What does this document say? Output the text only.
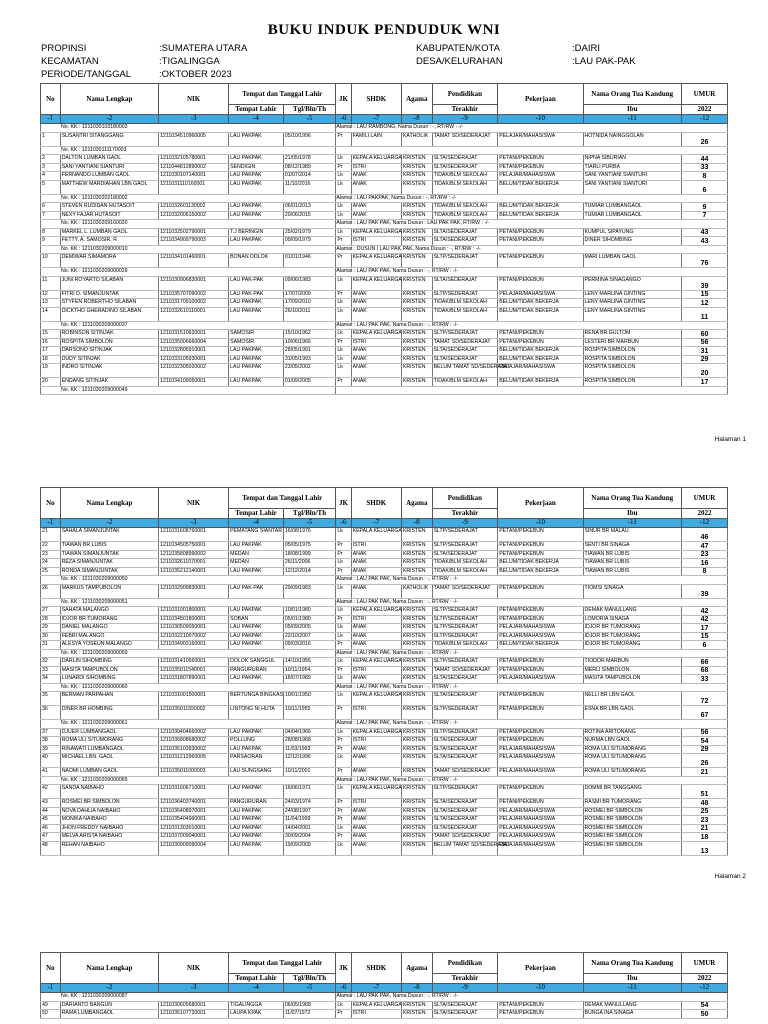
BUKU INDUK PENDUDUK WNI
PROPINSI	:SUMATERA UTARA
KECAMATAN	:TIGALINGGA
PERIODE/TANGGAL	:OKTOBER 2023
KABUPATEN/KOTA	:DAIRI
DESA/KELURAHAN	:LAU PAK-PAK
No	Nama Lengkap	NIK	Tempat dan Tanggal Lahir		JK	SHDK	Agama	Pendidikan	Pekerjaan	Nama Orang Tua Kandung	UMUR
			Tempat Lahir	Tgl/Bln/Th				Terakhir		Ibu	2022
-1	-2	-3	-4	-5	-6	-7	-8	-9	-10	-11	-12
No. KK : 1211030103180003					Alamat : LAU RAMBONG, Nama Dusun : -, RT/RW : -/-						
1	SUSANTRI SITANGGANG	1211034510960005	LAU PAKPAK	05/10/1996	Pr	FAMILI LAIN	KATHOLIK	TAMAT SD/SEDERAJAT	PELAJAR/MAHASISWA	HOTNIDA NAINGGOLAN	26
No. KK : 1211030111170003											
2	DALTON LUMBAN GAOL	1211032105780001	LAU PAKPAK	21/05/1978	Lk	KEPALA KELUARGA	KRISTEN	SLTA/SEDERAJAT	PETANI/PEKEBUN	NIPNA SIBURIAN	44
3	SANI YANTIANI SIANTURI	1211044812890002	SENDIGIN	08/12/1989	Pr	ISTRI	KRISTEN	SLTA/SEDERAJAT	PETANI/PEKEBUN	TIARLI PURBA	33
4	FERNANDO LUMBAN GAOL	1211030107140001	LAU PAKPAK	01/07/2014	Lk	ANAK	KRISTEN	TIDAK/BLM SEKOLAH	PELAJAR/MAHASISWA	SANI YANTIANI SIANTURI	8
5	MATTHEW MARDIAHAN LBN GAOL	1211031110160001	LAU PAKPAK	11/10/2016	Lk	ANAK	KRISTEN	TIDAK/BLM SEKOLAH	BELUM/TIDAK BEKERJA	SANI YANTIANI SIANTURI	6
No. KK : 1211030202180002					Alamat : LAU PAKPAK, Nama Dusun : -, RT/RW : -/-						
6	STEVEN RUDIDAN HUTASOIT	1211032601130002	LAU PAKPAK	06/01/2013	Lk	ANAK	KRISTEN	TIDAK/BLM SEKOLAH	BELUM/TIDAK BEKERJA	TUMIAR LUMBANGAOL	9
7	NEXY FAJAR HUTASOIT	1211032006150002	LAU PAKPAK	20/06/2015	Lk	ANAK	KRISTEN	TIDAK/BLM SEKOLAH	BELUM/TIDAK BEKERJA	TUMIAR LUMBANGAOL	7
No. KK : 1211030209160020					Alamat : LAU PAK PAK, Nama Dusun : LAU PAK PAK, RT/RW : -/-						
8	MARKEL L. LUMBAN GAOL	1211032502790001	T.J BERINGIN	25/02/1979	Lk	KEPALA KELUARGA	KRISTEN	SLTA/SEDERAJAT	PETANI/PEKEBUN	KUMPUL SIPAYUNG	43
9	FETTY. A. SAMOSIR. R	1211034909790003	LAU PAKPAK	09/09/1979	Pr	ISTRI	KRISTEN	SLTA/SEDERAJAT	PETANI/PEKEBUN	DINER SIHOMBING	43
No. KK : 1211030209000010					Alamat : DUSUN I LAU PAK PAK, Nama Dusun : -, RT/RW : -/-						
10	DEMIWAR SIMAMORA	1211034101460001	BONAN DOLOK	01/01/1946	Pr	KEPALA KELUARGA	KRISTEN	SLTP/SEDERAJAT	PETANI/PEKEBUN	MARI LUMBAN GAOL	76
No. KK : 1211030209000029					Alamat : LAU PAK PAK, Nama Dusun : -, RT/RW : -/-						
11	JUNI ROYARTO SILABAN	1211030906830001	LAU PAK-PAK	09/06/1983	Lk	KEPALA KELUARGA	KRISTEN	SLTA/SEDERAJAT	PETANI/PEKEBUN	PERMINA SINAGANGO	39
12	FITRI D. SIMANJUNTAK	1211035707090002	LAU PAK-PAK	17/07/2009	Pr	ANAK	KRISTEN	SLTP/SEDERAJAT	PELAJAR/MAHASISWA	LENY MARLINA GINTING	15
13	STYFEN ROBERTHO SILABAN	1211031709100002	LAU PAKPAK	17/09/2010	Lk	ANAK	KRISTEN	TIDAK/BLM SEKOLAH	BELUM/TIDAK BEKERJA	LENY MARLINA GINTING	12
14	DICKTHO GHERADINO SILABAN	1211032610110001	LAU PAKPAK	26/10/2011	Lk	ANAK	KRISTEN	TIDAK/BLM SEKOLAH	BELUM/TIDAK BEKERJA	LENY MARLINA GINTING	11
No. KK : 1211030209000037					Alamat : LAU PAK PAK, Nama Dusun : -, RT/RW : -/-						
15	ROBINSON SITINJAK	1211031510620001	SAMOSIR	15/10/1962	Lk	KEPALA KELUARGA	KRISTEN	SLTP/SEDERAJAT	PETANI/PEKEBUN	RENA BR GULTOM	60
16	ROSPITA SIMBOLON	1211035006660004	SAMOSIR	10/06/1966	Pr	ISTRI	KRISTEN	TAMAT SD/SEDERAJAT	PETANI/PEKEBUN	LESTERI BR MARBUN	56
17	DARSONO SITINJAK	1211032805910001	LAU PAKPAK	28/05/1991	Lk	ANAK	KRISTEN	SLTA/SEDERAJAT	BELUM/TIDAK BEKERJA	ROSPITA SIMBOLON	31
18	DUDY SITINJAK	1211033105930001	LAU PAKPAK	31/05/1993	Lk	ANAK	KRISTEN	SLTA/SEDERAJAT	BELUM/TIDAK BEKERJA	ROSPITA SIMBOLON	29
19	INDRO SITINJAK	1211032305020002	LAU PAKPAK	23/05/2002	Lk	ANAK	KRISTEN	BELUM TAMAT SD/SEDERAJAT	PELAJAR/MAHASISWA	ROSPITA SIMBOLON	20
20	ENDANG SITINJAK	1211034109050001	LAU PAKPAK	01/09/2005	Pr	ANAK	KRISTEN	TIDAK/BLM SEKOLAH	BELUM/TIDAK BEKERJA	ROSPITA SIMBOLON	17
No. KK : 1211030209000049											
Halaman 1
No	Nama Lengkap	NIK	Tempat dan Tanggal Lahir		JK	SHDK	Agama	Pendidikan	Pekerjaan	Nama Orang Tua Kandung	UMUR
			Tempat Lahir	Tgl/Bln/Th				Terakhir		Ibu	2022
-1	-2	-3	-4	-5	-6	-7	-8	-9	-10	-11	-12
21	SAHALA SIMANJUNTAK	1211031608760001	PEMATANG SIANTAR	16/08/1976	Lk	KEPALA KELUARGA	KRISTEN	SLTP/SEDERAJAT	PETANI/PEKEBUN	SINUR BR MALAU	46
22	TIAWAN BR LUBIS	1211034505750001	LAU PAKPAK	05/05/1975	Pr	ISTRI	KRISTEN	SLTP/SEDERAJAT	PETANI/PEKEBUN	SENTI BR SINAGA	47
23	TIAWAN SIMANJUNTAK	1211035808990002	MEDAN	18/08/1999	Pr	ANAK	KRISTEN	SLTA/SEDERAJAT	PETANI/PEKEBUN	TIAWAN BR LUBIS	23
24	REZA SIMANJUNTAK	1211032611070001	MEDAN	26/11/2006	Lk	ANAK	KRISTEN	TIDAK/BLM SEKOLAH	BELUM/TIDAK BEKERJA	TIAWAN BR LUBIS	16
25	RONDA SIMANJUNTAK	1211035212140001	LAU PAKPAK	12/12/2014	Pr	ANAK	KRISTEN	TIDAK/BLM SEKOLAH	BELUM/TIDAK BEKERJA	TIAWAN BR LUBIS	8
No. KK : 1211030209000050					Alamat : LAU PAK PAK, Nama Dusun : -, RT/RW : -/-						
26	MARKUS TAMPUBOLON	1211032909830001	LAU PAK-PAK	29/09/1983	Lk	ANAK	KATHOLIK	TAMAT SD/SEDERAJAT	PETANI/PEKEBUN	TIOMSI SINAGA	39
No. KK : 1211030209000051					Alamat : LAU PAK PAK, Nama Dusun : -, RT/RW : -/-						
27	SAHATA MALANGO	1211031001800001	LAU PAKPAK	10/01/1980	Lk	KEPALA KELUARGA	KRISTEN	SLTP/SEDERAJAT	PETANI/PEKEBUN	DEMAK MANULLANG	42
28	IDJOR BR TUMORANG	1211034501800001	SOBAN	05/01/1980	Pr	ISTRI	KRISTEN	SLTP/SEDERAJAT	PETANI/PEKEBUN	LOMORIA SINAGA	42
29	DANIEL MALANGO	1211030509050001	LAU PAKPAK	05/09/2005	Lk	ANAK	KRISTEN	SLTP/SEDERAJAT	PELAJAR/MAHASISWA	IDJOR BR TUMORANG	17
30	FEBRI MALANGO	1211032210070002	LAU PAKPAK	22/10/2007	Lk	ANAK	KRISTEN	SLTP/SEDERAJAT	PELAJAR/MAHASISWA	IDJOR BR TUMORANG	15
31	ALESYA YOSEUN MALANGO	1211034903160001	LAU PAKPAK	09/03/2016	Pr	ANAK	KRISTEN	TIDAK/BLM SEKOLAH	BELUM/TIDAK BEKERJA	IDJOR BR TUMORANG	6
No. KK : 1211030209000059					Alamat : LAU PAK PAK, Nama Dusun : -, RT/RW : -/-						
32	DARLIN SIHOMBING	1211031410560001	DOLOK SANGGUL	14/10/1956	Lk	KEPALA KELUARGA	KRISTEN	SLTP/SEDERAJAT	PETANI/PEKEBUN	TIODOR MARBUN	66
33	MASITA TAMPUBOLON	1211035011540001	PANGURURAN	10/11/1954	Pr	ISTRI	KRISTEN	TAMAT SD/SEDERAJAT	PETANI/PEKEBUN	MERLI SIMBOLON	68
34	LUNARDI SIHOMBING	1211031807890001	LAU PAKPAK	18/07/1989	Lk	ANAK	KRISTEN	SLTA/SEDERAJAT	PELAJAR/MAHASISWA	MASITA TAMPUBOLON	33
No. KK : 1211030209000060					Alamat : LAU PAK PAK, Nama Dusun : -, RT/RW : -/-						
35	BERMAN PARPAHAN	1211031001500001	BERTUNGA BINGKAS	10/01/1950	Lk	KEPALA KELUARGA	KRISTEN	SLTA/SEDERAJAT	PETANI/PEKEBUN	NELLI BR LBN GAOL	72
36	DINER BR HOMBING	1211035011550002	LINTONG NI HUTA	10/11/1955	Pr	ISTRI	KRISTEN	SLTP/SEDERAJAT	PETANI/PEKEBUN	ESNA BR LBN GAOL	67
No. KK : 1211030209000061					Alamat : LAU PAK PAK, Nama Dusun : -, RT/RW : -/-						
37	DJUER LUMBANGAOL	1211030404660002	LAU PAKPAK	04/04/1966	Lk	KEPALA KELUARGA	KRISTEN	SLTP/SEDERAJAT	PETANI/PEKEBUN	ROTINA ARITONANG	56
38	ROMA ULI SITUMORANG	1211036808680002	POLLUNG	28/08/1968	Pr	ISTRI	KRISTEN	SLTA/SEDERAJAT	PETANI/PEKEBUN	NURMA LBN GAOL	54
39	RINAWATI LUMBANGAOL	1211035103930002	LAU PAKPAK	11/03/1993	Pr	ANAK	KRISTEN	SLTA/SEDERAJAT	PELAJAR/MAHASISWA	ROMA ULI SITUMORANG	29
40	MICHAEL LBN. GAOL	1211031212960005	PARSAORAN	12/12/1996	Lk	ANAK	KRISTEN	SLTA/SEDERAJAT	PELAJAR/MAHASISWA	ROMA ULI SITUMORANG	26
41	NAOMI LUMBAN GAOL	1211035011000003	LAU SUNGSANG	10/11/2001	Pr	ANAK	KRISTEN	TAMAT SD/SEDERAJAT	PELAJAR/MAHASISWA	ROMA ULI SITUMORANG	21
No. KK : 1211030209000065					Alamat : LAU PAK PAK, Nama Dusun : -, RT/RW : -/-						
42	SANDA NAIBAHO	1211031606710001	LAU PAKPAK	16/06/1971	Lk	KEPALA KELUARGA	KRISTEN	SLTP/SEDERAJAT	PETANI/PEKEBUN	DOMMI BR TANGGANG	51
43	ROSMEI BR SIMBOLON	1211036403740001	PANGURURAN	24/03/1974	Pr	ISTRI	KRISTEN	SLTA/SEDERAJAT	PETANI/PEKEBUN	RASMI BR TUMORANG	48
44	NOVA DAHLIA NAIBAHO	1211036408970001	LAU PAKPAK	24/08/1997	Pr	ANAK	KRISTEN	SLTA/SEDERAJAT	PELAJAR/MAHASISWA	ROSMEI BR SIMBOLON	25
45	MONIKA NAIBAHO	1211035404990001	LAU PAKPAK	11/04/1999	Pr	ANAK	KRISTEN	SLTA/SEDERAJAT	PELAJAR/MAHASISWA	ROSMEI BR SIMBOLON	23
46	JHON FREDDY NAIBAHO	1211031303010001	LAU PAKPAK	14/04/2001	Lk	ANAK	KRISTEN	SLTA/SEDERAJAT	PELAJAR/MAHASISWA	ROSMEI BR SIMBOLON	21
47	MELVA ARISTA NAIBAHO	1211037009040001	LAU PAKPAK	30/09/2004	Pr	ANAK	KRISTEN	TAMAT SD/SEDERAJAT	PELAJAR/MAHASISWA	ROSMEI BR SIMBOLON	18
48	REHAN NAIBAHO	1211030909090004	LAU PAKPAK	19/09/2009	Lk	ANAK	KRISTEN	BELUM TAMAT SD/SEDERAJAT	PELAJAR/MAHASISWA	ROSMEI BR SIMBOLON	13
Halaman 2
No	Nama Lengkap	NIK	Tempat dan Tanggal Lahir		JK	SHDK	Agama	Pendidikan	Pekerjaan	Nama Orang Tua Kandung	UMUR
			Tempat Lahir	Tgl/Bln/Th				Terakhir		Ibu	2022
-1	-2	-3	-4	-5	-6	-7	-8	-9	-10	-11	-12
No. KK : 1211030209000087					Alamat : LAU PAK PAK, Nama Dusun : -, RT/RW : -/-						
49	DARIANTO BANGUN	1211030605680001	TIGALINGGA	06/05/1968	Lk	KEPALA KELUARGA	KRISTEN	SLTA/SEDERAJAT	PETANI/PEKEBUN	DEMAK MANULLANG	54
50	RAMA LUMBANGAOL	1211035107720001	LAUPA KPAK	11/07/1972	Pr	ISTRI	KRISTEN	SLTA/SEDERAJAT	PETANI/PEKEBUN	BUNGA INA SINAGA	50
